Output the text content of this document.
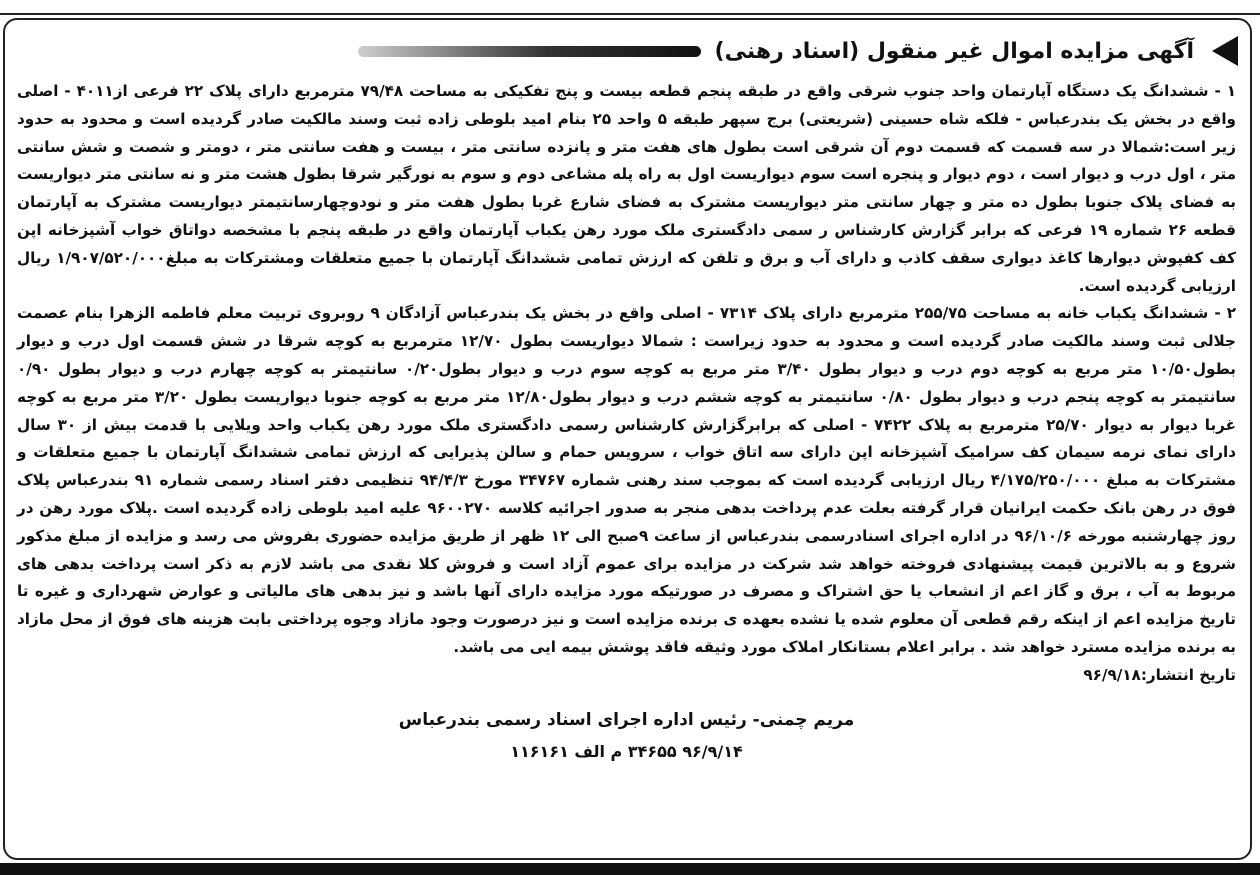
آگهی مزایده اموال غیر منقول (اسناد رهنی)

۱ - ششدانگ یک دستگاه آپارتمان واحد جنوب شرقی واقع در طبقه پنجم قطعه بیست و پنج تفکیکی به مساحت ۷۹/۴۸ مترمربع دارای پلاک ۲۲ فرعی از۴۰۱۱ - اصلی واقع در بخش یک بندرعباس - فلکه شاه حسینی (شریعتی) برج سپهر طبقه ۵ واحد ۲۵ بنام امید بلوطی زاده ثبت وسند مالکیت صادر گردیده است و محدود به حدود زیر است:شمالا در سه قسمت که قسمت دوم آن شرقی است بطول های هفت متر و پانزده سانتی متر ، بیست و هفت سانتی متر ، دومتر و شصت و شش سانتی متر ، اول درب و دیوار است ، دوم دیوار و پنجره است سوم دیواریست اول به راه پله مشاعی دوم و سوم به نورگیر شرقا بطول هشت متر و نه سانتی متر دیواریست به فضای پلاک جنوبا بطول ده متر و چهار سانتی متر دیواریست مشترک به فضای شارع غربا بطول هفت متر و نودوچهارسانتیمتر دیواریست مشترک به آپارتمان قطعه ۲۶ شماره ۱۹ فرعی که برابر گزارش کارشناس ر سمی دادگستری ملک مورد رهن یکباب آپارتمان واقع در طبقه پنجم با مشخصه دواتاق خواب آشپزخانه اپن کف کفپوش دیوارها کاغذ دیواری سقف کاذب و دارای آب و برق و تلفن که ارزش تمامی ششدانگ آپارتمان با جمیع متعلقات ومشترکات به مبلغ۱/۹۰۷/۵۲۰/۰۰۰ ریال ارزیابی گردیده است.

۲ - ششدانگ یکباب خانه به مساحت ۲۵۵/۷۵ مترمربع دارای پلاک ۷۳۱۴ - اصلی واقع در بخش یک بندرعباس آزادگان ۹ روبروی تربیت معلم فاطمه الزهرا بنام عصمت جلالی ثبت وسند مالکیت صادر گردیده است و محدود به حدود زیراست : شمالا دیواریست بطول ۱۲/۷۰ مترمربع به کوچه شرقا در شش قسمت اول درب و دیوار بطول۱۰/۵۰ متر مربع به کوچه دوم درب و دیوار بطول ۳/۴۰ متر مربع به کوچه سوم درب و دیوار بطول۰/۲۰ سانتیمتر به کوچه چهارم درب و دیوار بطول ۰/۹۰ سانتیمتر به کوچه پنجم درب و دیوار بطول ۰/۸۰ سانتیمتر به کوچه ششم درب و دیوار بطول۱۲/۸۰ متر مربع به کوچه جنوبا دیواریست بطول ۳/۲۰ متر مربع به کوچه غربا دیوار به دیوار ۲۵/۷۰ مترمربع به پلاک ۷۴۲۲ - اصلی که برابرگزارش کارشناس رسمی دادگستری ملک مورد رهن یکباب واحد ویلایی با قدمت بیش از ۳۰ سال دارای نمای نرمه سیمان کف سرامیک آشپزخانه اپن دارای سه اتاق خواب ، سرویس حمام و سالن پذیرایی که ارزش تمامی ششدانگ آپارتمان با جمیع متعلقات و مشترکات به مبلغ ۴/۱۷۵/۲۵۰/۰۰۰ ریال ارزیابی گردیده است که بموجب سند رهنی شماره ۳۴۷۶۷ مورخ ۹۴/۴/۳ تنظیمی دفتر اسناد رسمی شماره ۹۱ بندرعباس پلاک فوق در رهن بانک حکمت ایرانیان قرار گرفته بعلت عدم پرداخت بدهی منجر به صدور اجرائیه کلاسه ۹۶۰۰۲۷۰ علیه امید بلوطی زاده گردیده است .پلاک مورد رهن در روز چهارشنبه مورخه ۹۶/۱۰/۶ در اداره اجرای اسنادرسمی بندرعباس از ساعت ۹صبح الی ۱۲ ظهر از طریق مزایده حضوری بفروش می رسد و مزایده از مبلغ مذکور شروع و به بالاترین قیمت پیشنهادی فروخته خواهد شد شرکت در مزایده برای عموم آزاد است و فروش کلا نقدی می باشد لازم به ذکر است پرداخت بدهی های مربوط به آب ، برق و گاز اعم از انشعاب یا حق اشتراک و مصرف در صورتیکه مورد مزایده دارای آنها باشد و نیز بدهی های مالیاتی و عوارض شهرداری و غیره تا تاریخ مزایده اعم از اینکه رقم قطعی آن معلوم شده یا نشده بعهده ی برنده مزایده است و نیز درصورت وجود مازاد وجوه پرداختی بابت هزینه های فوق از محل مازاد به برنده مزایده مسترد خواهد شد . برابر اعلام بستانکار املاک مورد وثیقه فاقد پوشش بیمه ایی می باشد.

تاریخ انتشار:۹۶/۹/۱۸

مریم چمنی- رئیس اداره اجرای اسناد رسمی بندرعباس
۹۶/۹/۱۴ ۳۴۶۵۵ م الف ۱۱۶۱۶۱
